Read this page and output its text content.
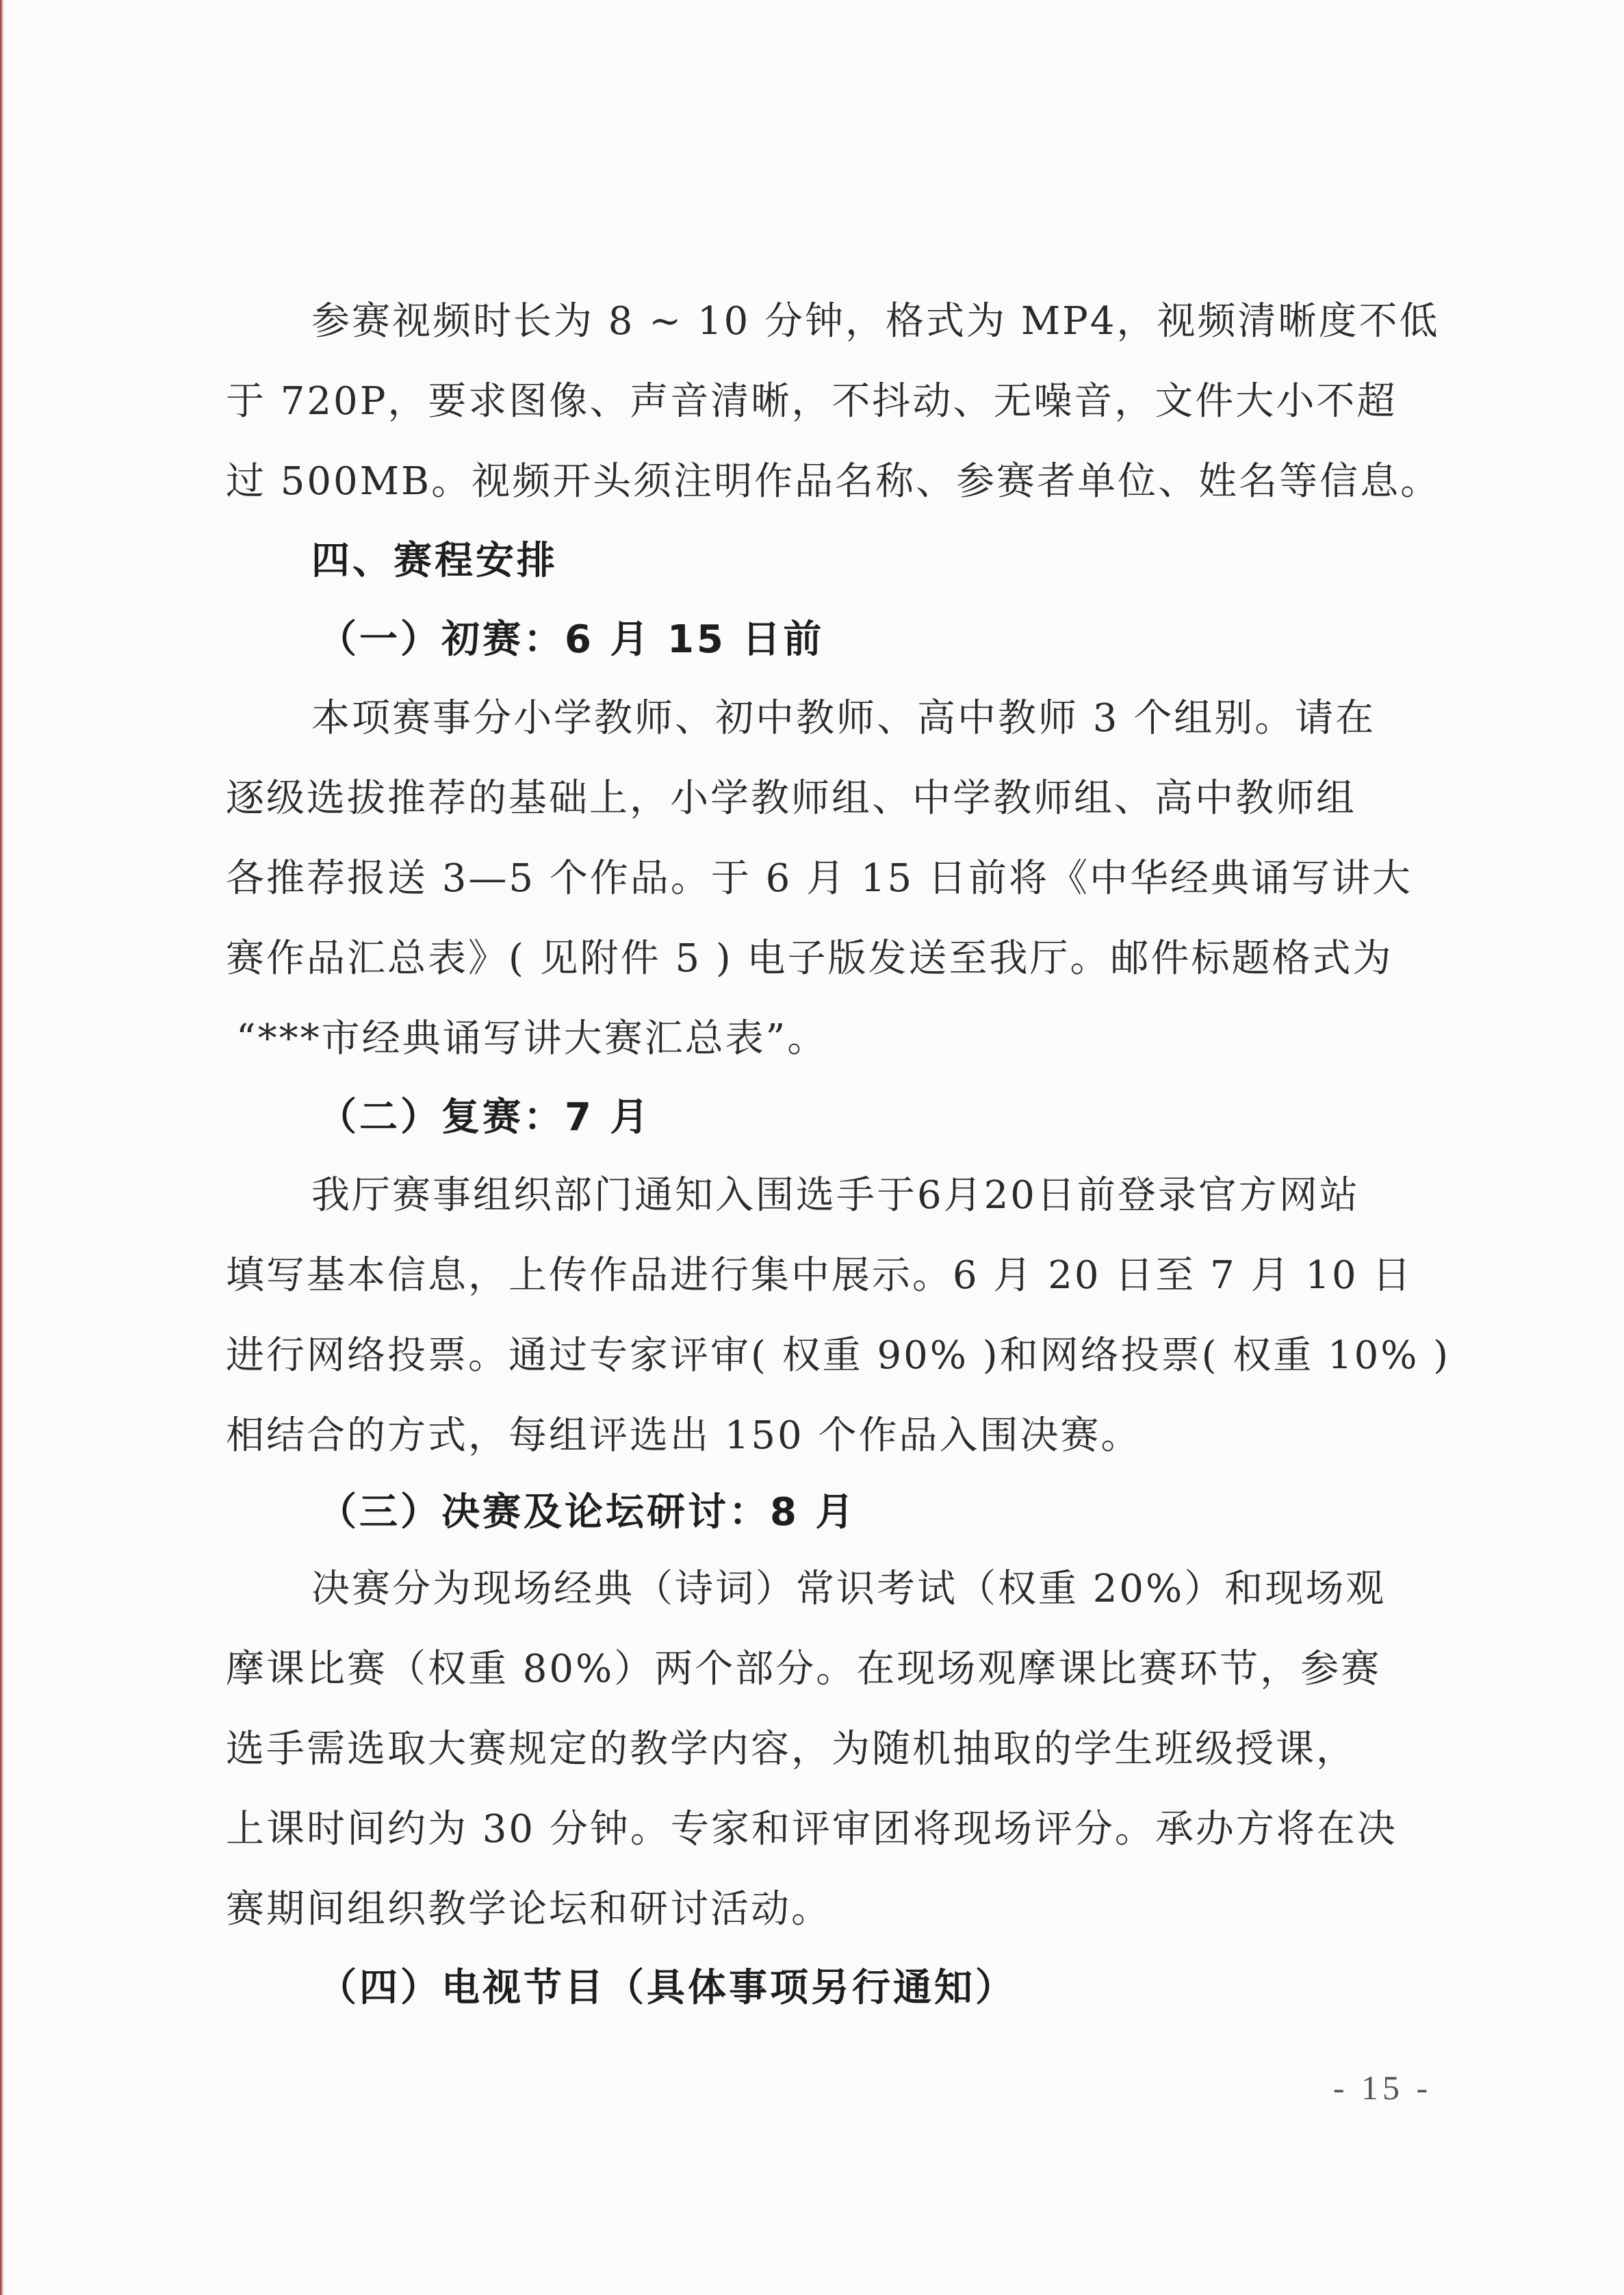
参赛视频时长为 8 ~ 10 分钟，格式为 MP4，视频清晰度不低

于 720P，要求图像、声音清晰，不抖动、无噪音，文件大小不超

过 500MB。视频开头须注明作品名称、参赛者单位、姓名等信息。

四、赛程安排

（一）初赛：6 月 15 日前

本项赛事分小学教师、初中教师、高中教师 3 个组别。请在

逐级选拔推荐的基础上，小学教师组、中学教师组、高中教师组

各推荐报送 3—5 个作品。于 6 月 15 日前将《中华经典诵写讲大

赛作品汇总表》( 见附件 5 ) 电子版发送至我厅。邮件标题格式为

“***市经典诵写讲大赛汇总表”。

（二）复赛：7 月

我厅赛事组织部门通知入围选手于6月20日前登录官方网站

填写基本信息，上传作品进行集中展示。6 月 20 日至 7 月 10 日

进行网络投票。通过专家评审( 权重 90% )和网络投票( 权重 10% )

相结合的方式，每组评选出 150 个作品入围决赛。

（三）决赛及论坛研讨：8 月

决赛分为现场经典（诗词）常识考试（权重 20%）和现场观

摩课比赛（权重 80%）两个部分。在现场观摩课比赛环节，参赛

选手需选取大赛规定的教学内容，为随机抽取的学生班级授课，

上课时间约为 30 分钟。专家和评审团将现场评分。承办方将在决

赛期间组织教学论坛和研讨活动。

（四）电视节目（具体事项另行通知）

- 15 -
